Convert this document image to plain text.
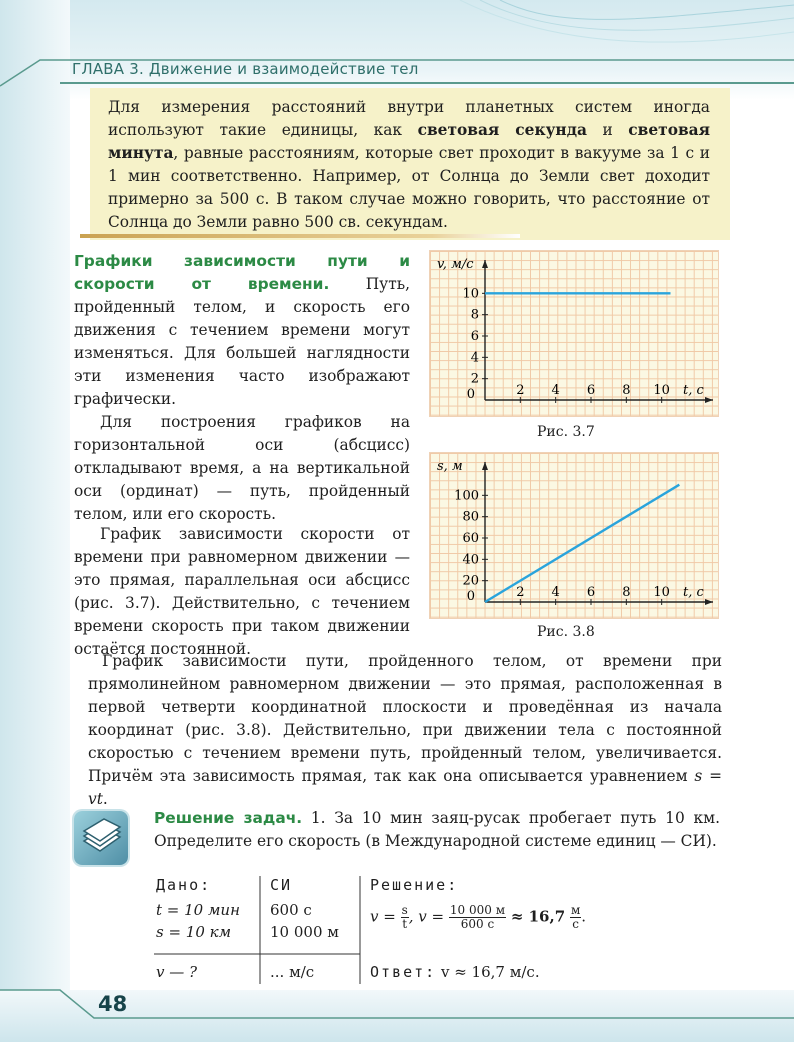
ГЛАВА 3. Движение и взаимодействие тел
Для измерения расстояний внутри планетных систем иногда используют такие единицы, как световая секунда и световая минута, равные расстояниям, которые свет проходит в вакууме за 1 с и 1 мин соответственно. Например, от Солнца до Земли свет доходит примерно за 500 с. В таком случае можно говорить, что расстояние от Солнца до Земли равно 500 св. секундам.
Графики зависимости пути и скорости от времени. Путь, пройденный телом, и скорость его движения с течением времени могут изменяться. Для большей наглядности эти изменения часто изображают графически.
Для построения графиков на горизонтальной оси (абсцисс) откладывают время, а на вертикальной оси (ординат) — путь, пройденный телом, или его скорость.
График зависимости скорости от времени при равномерном движении — это прямая, параллельная оси абсцисс (рис. 3.7). Действительно, с течением времени скорость при таком движении остаётся постоянной.
2 4 6 8 10
2
4
6
8
10
0
v, м/с
t, с
Рис. 3.7
2 4 6 8 10
20
40
60
80
100
0
s, м
t, с
Рис. 3.8
График зависимости пути, пройденного телом, от времени при прямолинейном равномерном движении — это прямая, расположенная в первой четверти координатной плоскости и проведённая из начала координат (рис. 3.8). Действительно, при движении тела с постоянной скоростью с течением времени путь, пройденный телом, увеличивается. Причём эта зависимость прямая, так как она описывается уравнением s = vt.
Решение задач. 1. За 10 мин заяц-русак пробегает путь 10 км. Определите его скорость (в Международной системе единиц — СИ).
Дано:
t = 10 мин
s = 10 км
v — ?
СИ
600 с
10 000 м
... м/с
Решение:
$v = \frac{s}{t}$ , $v = \frac{10 000 м}{600 с} \approx 16,7 \frac{м}{с}$ .
Ответ: v ≈ 16,7 м/с.
48
